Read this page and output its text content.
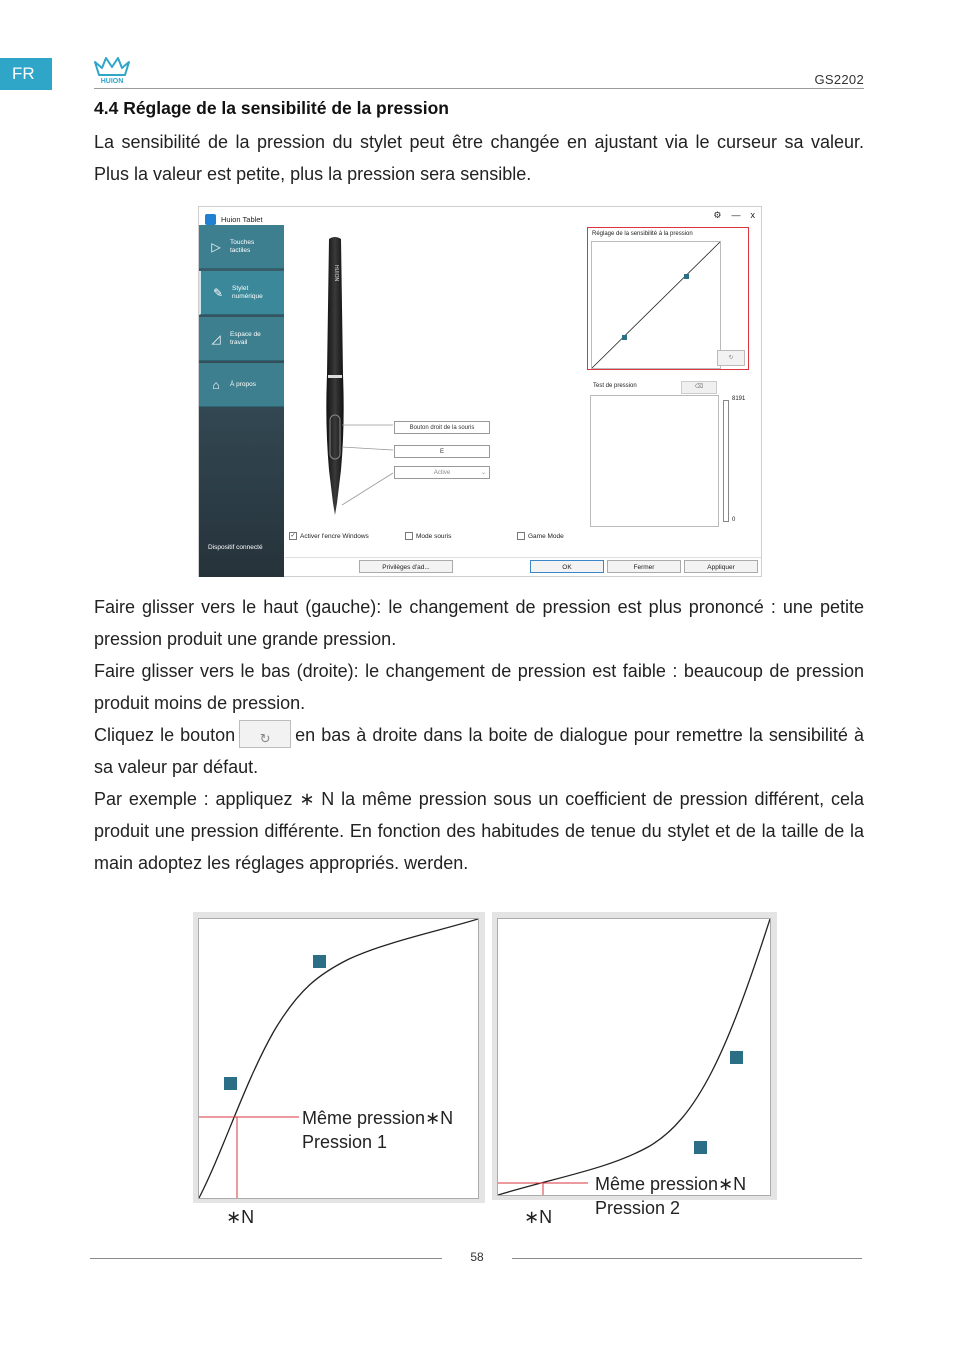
FR	HUION	GS2202
4.4 Réglage de la sensibilité de la pression
La sensibilité de la pression du stylet peut être changée en ajustant via le curseur sa valeur. Plus la valeur est petite, plus la pression sera sensible.
Huion Tablet	⚙ — x
▷	Touches tactiles
✎	Stylet numérique
◿	Espace de travail
⌂	À propos
Dispositif connecté
HUION
Bouton droit de la souris
E
Active	⌄
Réglage de la sensibilité à la pression
↻
Test de pression	⌫
8191
0
✓ Activer l'encre Windows	Mode souris	Game Mode
Privilèges d'ad...	OK	Fermer	Appliquer
Faire glisser vers le haut (gauche): le changement de pression est plus prononcé : une petite pression produit une grande pression.
Faire glisser vers le bas (droite): le changement de pression est faible : beaucoup de pression produit moins de pression.
Cliquez le bouton ↻ en bas à droite dans la boite de dialogue pour remettre la sensibilité à sa valeur par défaut.
Par exemple : appliquez ∗ N la même pression sous un coefficient de pression différent, cela produit une pression différente. En fonction des habitudes de tenue du stylet et de la taille de la main adoptez les réglages appropriés. werden.
Même pression∗N
Pression 1
∗N
Même pression∗N
Pression 2
∗N
58
